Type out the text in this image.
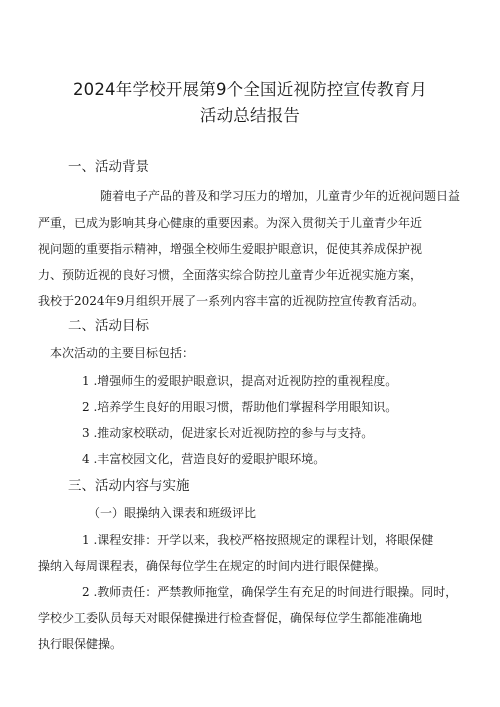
2024年学校开展第9个全国近视防控宣传教育月
活动总结报告
一、活动背景
随着电子产品的普及和学习压力的增加，儿童青少年的近视问题日益
严重，已成为影响其身心健康的重要因素。为深入贯彻关于儿童青少年近
视问题的重要指示精神，增强全校师生爱眼护眼意识，促使其养成保护视
力、预防近视的良好习惯，全面落实综合防控儿童青少年近视实施方案，
我校于2024年9月组织开展了一系列内容丰富的近视防控宣传教育活动。
二、活动目标
本次活动的主要目标包括：
1 .增强师生的爱眼护眼意识，提高对近视防控的重视程度。
2 .培养学生良好的用眼习惯，帮助他们掌握科学用眼知识。
3 .推动家校联动，促进家长对近视防控的参与与支持。
4 .丰富校园文化，营造良好的爱眼护眼环境。
三、活动内容与实施
（一）眼操纳入课表和班级评比
1 .课程安排：开学以来，我校严格按照规定的课程计划，将眼保健
操纳入每周课程表，确保每位学生在规定的时间内进行眼保健操。
2 .教师责任：严禁教师拖堂，确保学生有充足的时间进行眼操。同时，
学校少工委队员每天对眼保健操进行检查督促，确保每位学生都能准确地
执行眼保健操。
